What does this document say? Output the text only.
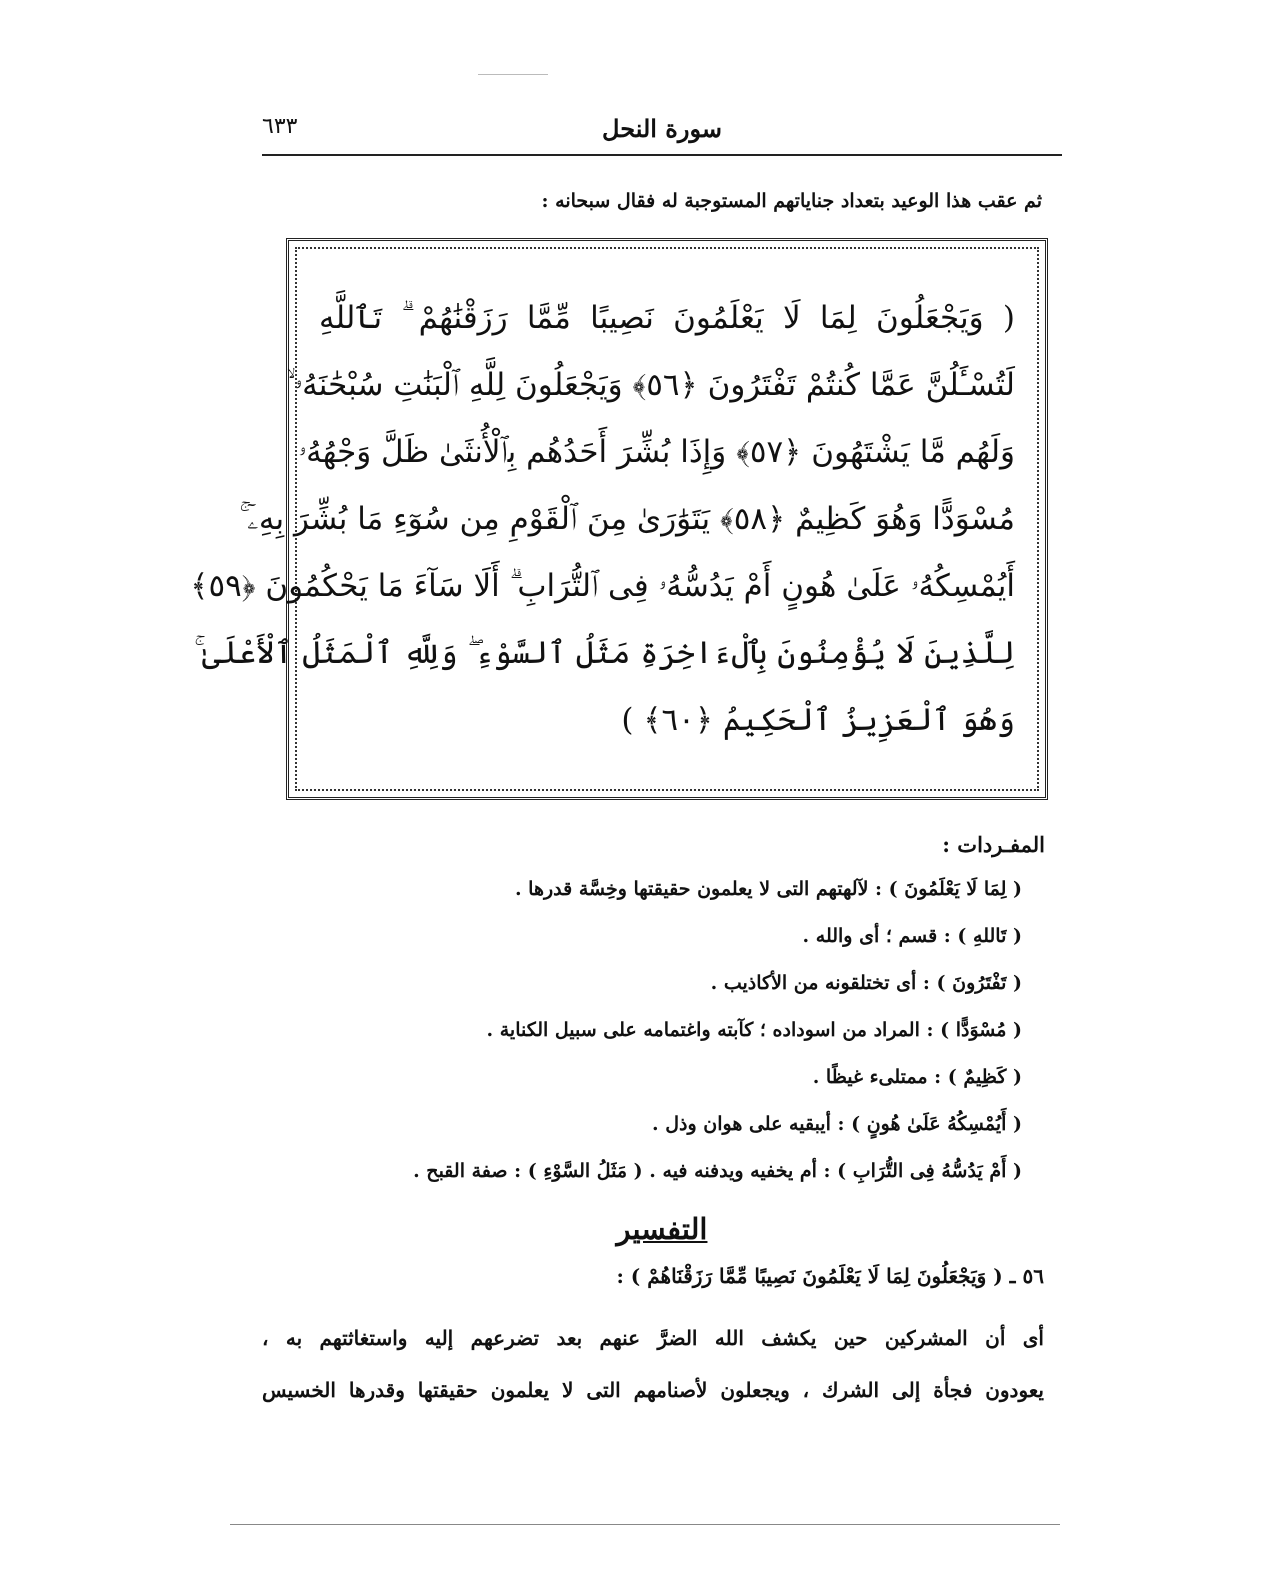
سورة النحل
٦٣٣
ثم عقب هذا الوعيد بتعداد جناياتهم المستوجبة له فقال سبحانه :
( وَيَجْعَلُونَ لِمَا لَا يَعْلَمُونَ نَصِيبًا مِّمَّا رَزَقْنَٰهُمْ ۗ تَٱللَّهِ
لَتُسْـَٔلُنَّ عَمَّا كُنتُمْ تَفْتَرُونَ ﴿٥٦﴾ وَيَجْعَلُونَ لِلَّهِ ٱلْبَنَٰتِ سُبْحَٰنَهُۥ ۙ
وَلَهُم مَّا يَشْتَهُونَ ﴿٥٧﴾ وَإِذَا بُشِّرَ أَحَدُهُم بِٱلْأُنثَىٰ ظَلَّ وَجْهُهُۥ
مُسْوَدًّا وَهُوَ كَظِيمٌ ﴿٥٨﴾ يَتَوَٰرَىٰ مِنَ ٱلْقَوْمِ مِن سُوٓءِ مَا بُشِّرَ بِهِۦٓ ۚ
أَيُمْسِكُهُۥ عَلَىٰ هُونٍ أَمْ يَدُسُّهُۥ فِى ٱلتُّرَابِ ۗ أَلَا سَآءَ مَا يَحْكُمُونَ ﴿٥٩﴾
لِلَّذِينَ لَا يُؤْمِنُونَ بِٱلْءَاخِرَةِ مَثَلُ ٱلسَّوْءِ ۖ وَلِلَّهِ ٱلْمَثَلُ ٱلْأَعْلَىٰ ۚ
وَهُوَ ٱلْعَزِيزُ ٱلْحَكِيمُ ﴿٦٠﴾ )
المفـردات :
( لِمَا لَا يَعْلَمُونَ ) : لآلهتهم التى لا يعلمون حقيقتها وخِسَّة قدرها .
( تَاللهِ ) : قسم ؛ أى والله .
( تَفْتَرُونَ ) : أى تختلقونه من الأكاذيب .
( مُسْوَدًّا ) : المراد من اسوداده ؛ كآبته واغتمامه على سبيل الكناية .
( كَظِيمٌ ) : ممتلىء غيظًا .
( أَيُمْسِكُهُ عَلَىٰ هُونٍ ) : أيبقيه على هوان وذل .
( أَمْ يَدُسُّهُ فِى التُّرَابِ ) : أم يخفيه ويدفنه فيه . ( مَثَلُ السَّوْءِ ) : صفة القبح .
التفسير
٥٦ ـ ( وَيَجْعَلُونَ لِمَا لَا يَعْلَمُونَ نَصِيبًا مِّمَّا رَزَقْنَاهُمْ ) :
أى أن المشركين حين يكشف الله الضرَّ عنهم بعد تضرعهم إليه واستغاثتهم به ،
يعودون فجأة إلى الشرك ، ويجعلون لأصنامهم التى لا يعلمون حقيقتها وقدرها الخسيس
